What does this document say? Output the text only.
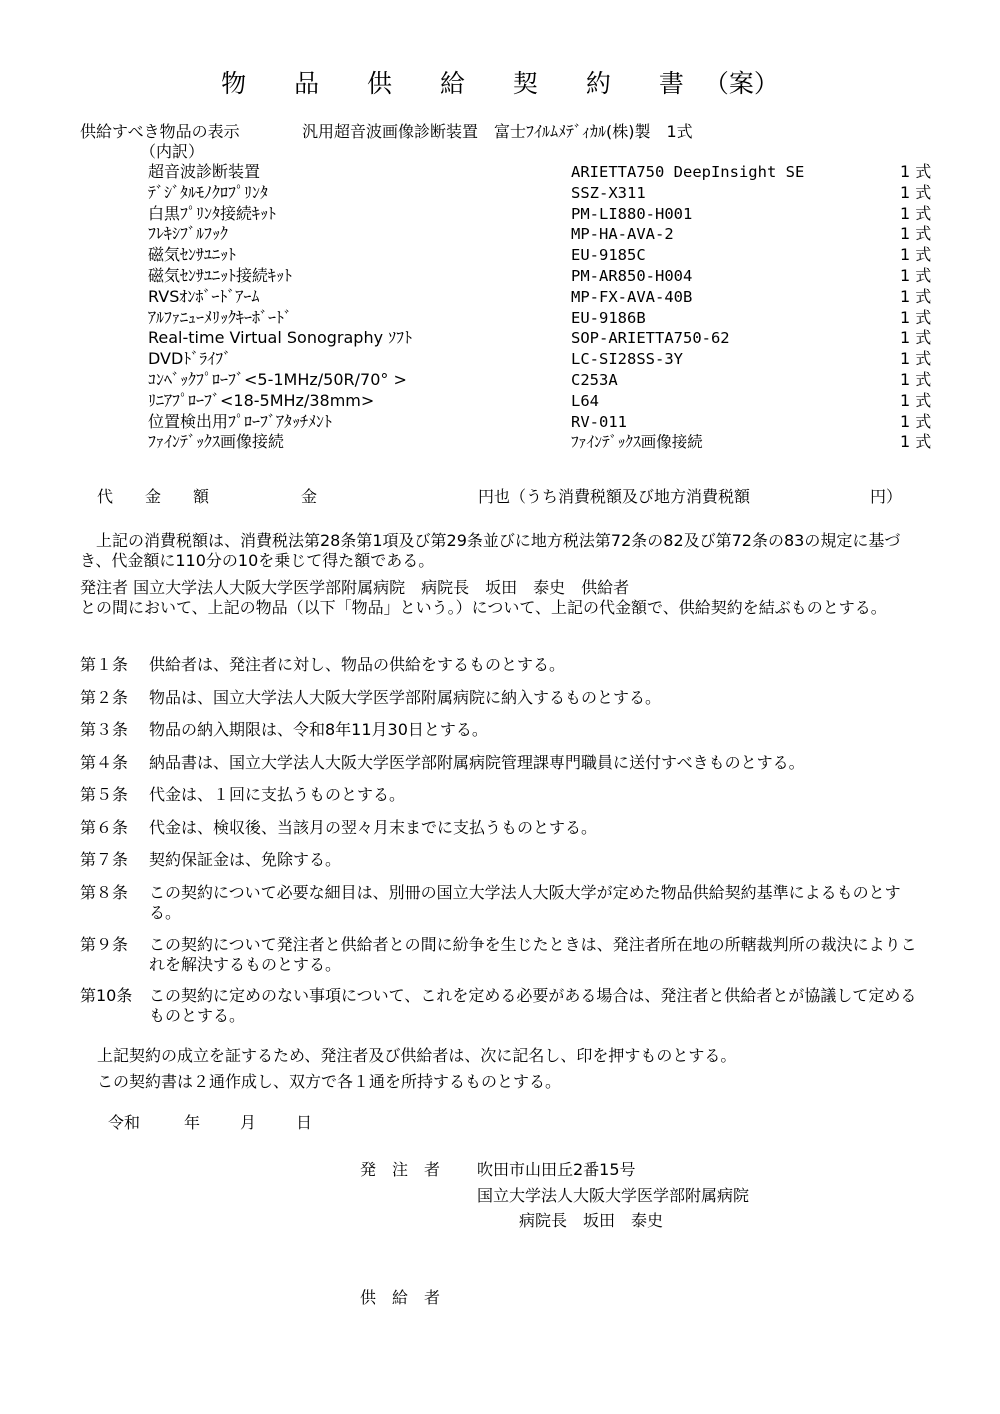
物 品 供 給 契 約 書（案）
供給すべき物品の表示	汎用超音波画像診断装置　富士ﾌｲﾙﾑﾒﾃﾞｨｶﾙ(株)製　1式
（内訳）
超音波診断装置	ARIETTA750 DeepInsight SE	1 式
ﾃﾞｼﾞﾀﾙﾓﾉｸﾛﾌﾟﾘﾝﾀ	SSZ-X311	1 式
白黒ﾌﾟﾘﾝﾀ接続ｷｯﾄ	PM-LI880-H001	1 式
ﾌﾚｷｼﾌﾞﾙﾌｯｸ	MP-HA-AVA-2	1 式
磁気ｾﾝｻﾕﾆｯﾄ	EU-9185C	1 式
磁気ｾﾝｻﾕﾆｯﾄ接続ｷｯﾄ	PM-AR850-H004	1 式
RVSｵﾝﾎﾞｰﾄﾞｱｰﾑ	MP-FX-AVA-40B	1 式
ｱﾙﾌｧﾆｭｰﾒﾘｯｸｷｰﾎﾞｰﾄﾞ	EU-9186B	1 式
Real-time Virtual Sonography ｿﾌﾄ	SOP-ARIETTA750-62	1 式
DVDﾄﾞﾗｲﾌﾞ	LC-SI28SS-3Y	1 式
ｺﾝﾍﾞｯｸﾌﾟﾛｰﾌﾞ<5-1MHz/50R/70° >	C253A	1 式
ﾘﾆｱﾌﾟﾛｰﾌﾞ<18-5MHz/38mm>	L64	1 式
位置検出用ﾌﾟﾛｰﾌﾞｱﾀｯﾁﾒﾝﾄ	RV-011	1 式
ﾌｧｲﾝﾃﾞｯｸｽ画像接続	ﾌｧｲﾝﾃﾞｯｸｽ画像接続	1 式
代　金　額	金	円也（うち消費税額及び地方消費税額	円）
上記の消費税額は、消費税法第28条第1項及び第29条並びに地方税法第72条の82及び第72条の83の規定に基づき、代金額に110分の10を乗じて得た額である。
発注者 国立大学法人大阪大学医学部附属病院　病院長　坂田　泰史　供給者
との間において、上記の物品（以下「物品」という。）について、上記の代金額で、供給契約を結ぶものとする。
第１条 供給者は、発注者に対し、物品の供給をするものとする。
第２条 物品は、国立大学法人大阪大学医学部附属病院に納入するものとする。
第３条 物品の納入期限は、令和8年11月30日とする。
第４条 納品書は、国立大学法人大阪大学医学部附属病院管理課専門職員に送付すべきものとする。
第５条 代金は、１回に支払うものとする。
第６条 代金は、検収後、当該月の翌々月末までに支払うものとする。
第７条 契約保証金は、免除する。
第８条 この契約について必要な細目は、別冊の国立大学法人大阪大学が定めた物品供給契約基準によるものとする。
第９条 この契約について発注者と供給者との間に紛争を生じたときは、発注者所在地の所轄裁判所の裁決によりこれを解決するものとする。
第10条 この契約に定めのない事項について、これを定める必要がある場合は、発注者と供給者とが協議して定めるものとする。
上記契約の成立を証するため、発注者及び供給者は、次に記名し、印を押すものとする。
この契約書は２通作成し、双方で各１通を所持するものとする。
令和	年 月 日
発　注　者 吹田市山田丘2番15号
国立大学法人大阪大学医学部附属病院
病院長　坂田　泰史
供　給　者
